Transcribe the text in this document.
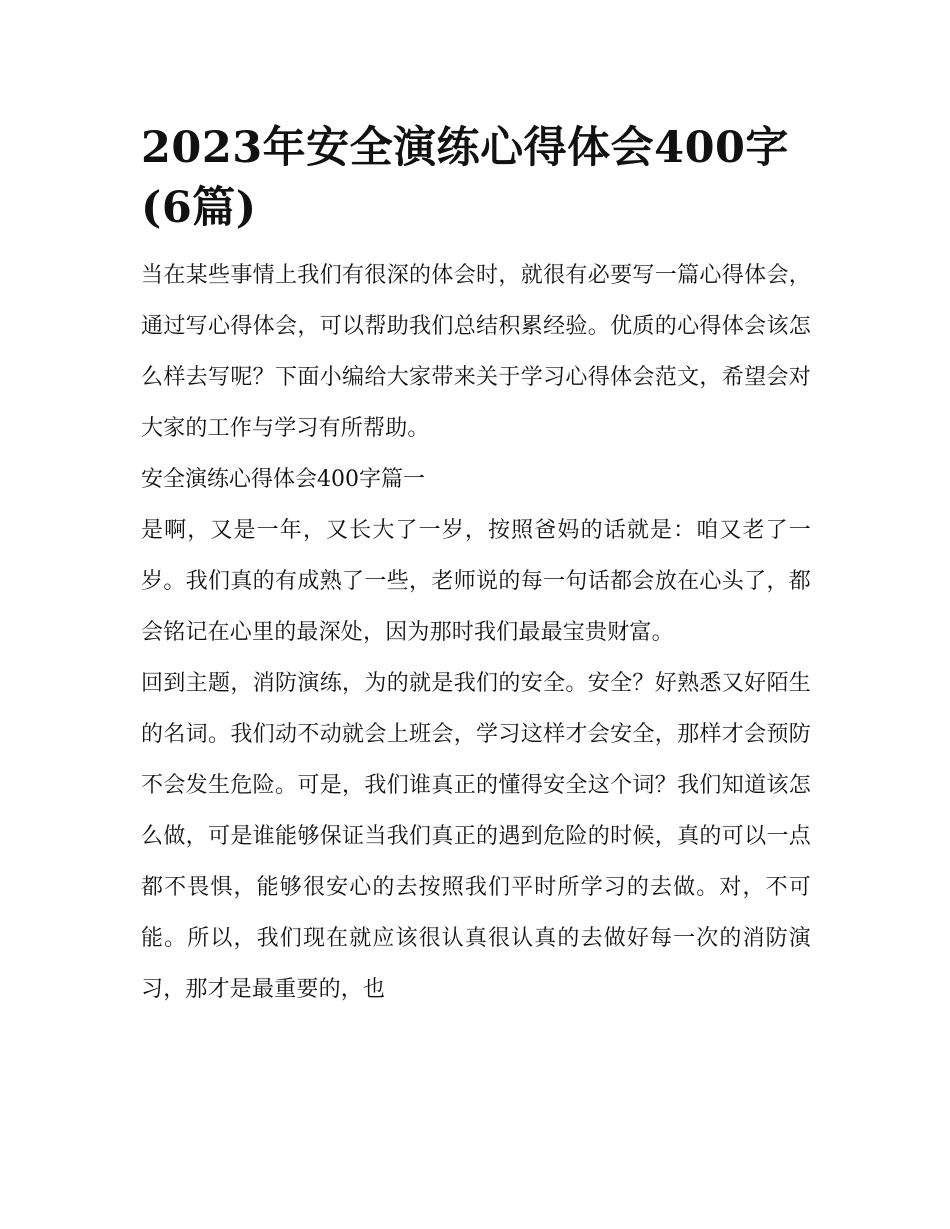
2023年安全演练心得体会400字(6篇)

当在某些事情上我们有很深的体会时，就很有必要写一篇心得体会，通过写心得体会，可以帮助我们总结积累经验。优质的心得体会该怎么样去写呢？下面小编给大家带来关于学习心得体会范文，希望会对大家的工作与学习有所帮助。

安全演练心得体会400字篇一

是啊，又是一年，又长大了一岁，按照爸妈的话就是：咱又老了一岁。我们真的有成熟了一些，老师说的每一句话都会放在心头了，都会铭记在心里的最深处，因为那时我们最最宝贵财富。

回到主题，消防演练，为的就是我们的安全。安全？好熟悉又好陌生的名词。我们动不动就会上班会，学习这样才会安全，那样才会预防不会发生危险。可是，我们谁真正的懂得安全这个词？我们知道该怎么做，可是谁能够保证当我们真正的遇到危险的时候，真的可以一点都不畏惧，能够很安心的去按照我们平时所学习的去做。对，不可能。所以，我们现在就应该很认真很认真的去做好每一次的消防演习，那才是最重要的，也
